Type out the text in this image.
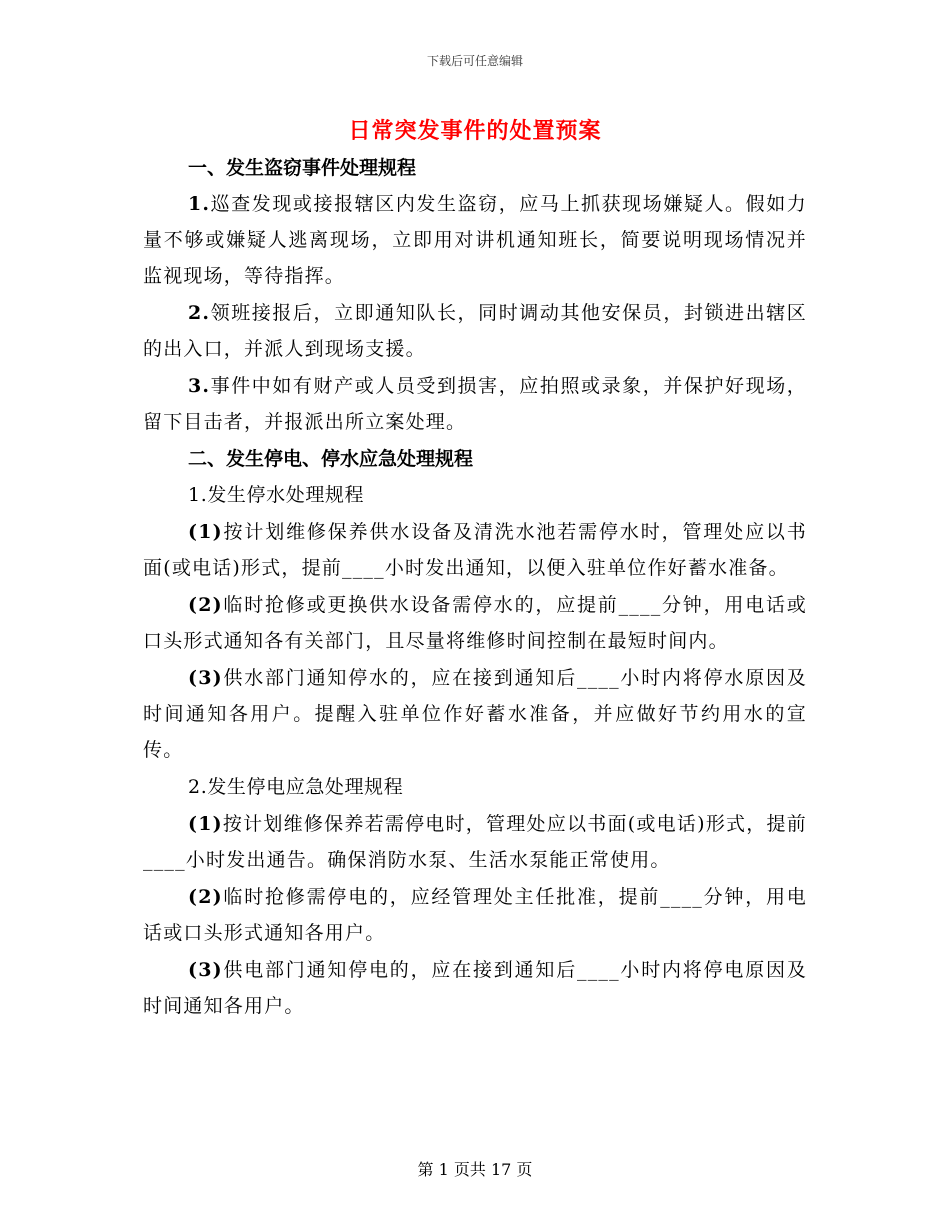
下载后可任意编辑
日常突发事件的处置预案

一、发生盗窃事件处理规程

1.巡查发现或接报辖区内发生盗窃，应马上抓获现场嫌疑人。假如力量不够或嫌疑人逃离现场，立即用对讲机通知班长，简要说明现场情况并监视现场，等待指挥。

2.领班接报后，立即通知队长，同时调动其他安保员，封锁进出辖区的出入口，并派人到现场支援。

3.事件中如有财产或人员受到损害，应拍照或录象，并保护好现场，留下目击者，并报派出所立案处理。

二、发生停电、停水应急处理规程

1.发生停水处理规程

(1)按计划维修保养供水设备及清洗水池若需停水时，管理处应以书面(或电话)形式，提前____小时发出通知，以便入驻单位作好蓄水准备。

(2)临时抢修或更换供水设备需停水的，应提前____分钟，用电话或口头形式通知各有关部门，且尽量将维修时间控制在最短时间内。

(3)供水部门通知停水的，应在接到通知后____小时内将停水原因及时间通知各用户。提醒入驻单位作好蓄水准备，并应做好节约用水的宣传。

2.发生停电应急处理规程

(1)按计划维修保养若需停电时，管理处应以书面(或电话)形式，提前____小时发出通告。确保消防水泵、生活水泵能正常使用。

(2)临时抢修需停电的，应经管理处主任批准，提前____分钟，用电话或口头形式通知各用户。

(3)供电部门通知停电的，应在接到通知后____小时内将停电原因及时间通知各用户。

第 1 页共 17 页
